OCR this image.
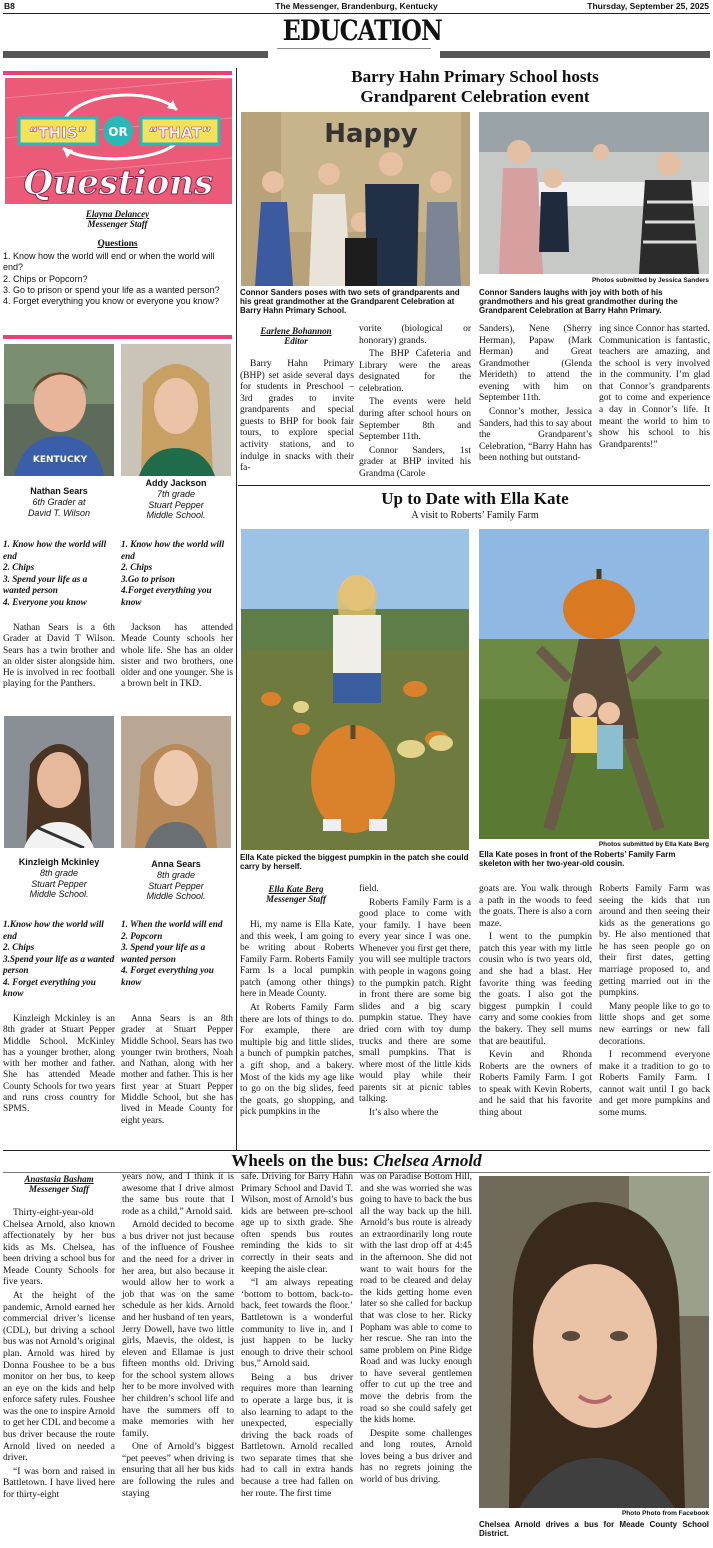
B8	The Messenger, Brandenburg, Kentucky	Thursday, September 25, 2025
EDUCATION
“THIS” OR “THAT”
Questions
Elayna Delancey
Messenger Staff
Questions
1. Know how the world will end or when the world will end?
2. Chips or Popcorn?
3. Go to prison or spend your life as a wanted person?
4. Forget everything you know or everyone you know?
KENTUCKY
Nathan Sears
6th Grader at
David T. Wilson
Addy Jackson
7th grade
Stuart Pepper
Middle School.
1. Know how the world will end
2. Chips
3. Spend your life as a wanted person
4. Everyone you know
1. Know how the world will end
2. Chips
3.Go to prison
4.Forget everything you know

Nathan Sears is a 6th Grader at David T Wilson. Sears has a twin brother and an older sister alongside him. He is involved in rec football playing for the Panthers.

Jackson has attended Meade County schools her whole life. She has an older sister and two brothers, one older and one younger. She is a brown belt in TKD.

Kinzleigh Mckinley
8th grade
Stuart Pepper
Middle School.
Anna Sears
8th grade
Stuart Pepper
Middle School.
1.Know how the world will end
2. Chips
3.Spend your life as a wanted person
4. Forget everything you know
1. When the world will end
2. Popcorn
3. Spend your life as a wanted person
4. Forget everything you know

Kinzleigh Mckinley is an 8th grader at Stuart Pepper Middle School. McKinley has a younger brother, along with her mother and father. She has attended Meade County Schools for two years and runs cross country for SPMS.

Anna Sears is an 8th grader at Stuart Pepper Middle School. Sears has two younger twin brothers, Noah and Nathan, along with her mother and father. This is her first year at Stuart Pepper Middle School, but she has lived in Meade County for eight years.

Barry Hahn Primary School hosts
Grandparent Celebration event
Happy
Photos submitted by Jessica Sanders
Connor Sanders poses with two sets of grandparents and his great grandmother at the Grandparent Celebration at Barry Hahn Primary School.
Connor Sanders laughs with joy with both of his grandmothers and his great grandmother during the Grandparent Celebration at Barry Hahn Primary.
Earlene Bohannon
Editor

Barry Hahn Primary (BHP) set aside several days for students in Preschool – 3rd grades to invite grandparents and special guests to BHP for book fair tours, to explore special activity stations, and to indulge in snacks with their fa-

vorite (biological or honorary) grands.

The BHP Cafeteria and Library were the areas designated for the celebration.

The events were held during after school hours on September 8th and September 11th.

Connor Sanders, 1st grader at BHP invited his Grandma (Carole

Sanders), Nene (Sherry Herman), Papaw (Mark Herman) and Great Grandmother (Glenda Merideth) to attend the evening with him on September 11th.

Connor’s mother, Jessica Sanders, had this to say about the Grandparent’s Celebration, “Barry Hahn has been nothing but outstand-

ing since Connor has started. Communication is fantastic, teachers are amazing, and the school is very involved in the community. I’m glad that Connor’s grandparents got to come and experience a day in Connor’s life. It meant the world to him to show his school to his Grandparents!”

Up to Date with Ella Kate
A visit to Roberts’ Family Farm
Photos submitted by Ella Kate Berg
Ella Kate picked the biggest pumpkin in the patch she could carry by herself.
Ella Kate poses in front of the Roberts’ Family Farm skeleton with her two-year-old cousin.
Ella Kate Berg
Messenger Staff

Hi, my name is Ella Kate, and this week, I am going to be writing about Roberts Family Farm. Roberts Family Farm Is a local pumpkin patch (among other things) here in Meade County.

At Roberts Family Farm there are lots of things to do. For example, there are multiple big and little slides, a bunch of pumpkin patches, a gift shop, and a bakery. Most of the kids my age like to go on the big slides, feed the goats, go shopping, and pick pumpkins in the

field.

Roberts Family Farm is a good place to come with your family. I have been every year since I was one. Whenever you first get there, you will see multiple tractors with people in wagons going to the pumpkin patch. Right in front there are some big slides and a big scary pumpkin statue. They have dried corn with toy dump trucks and there are some small pumpkins. That is where most of the little kids would play while their parents sit at picnic tables talking.

It’s also where the

goats are. You walk through a path in the woods to feed the goats. There is also a corn maze.

I went to the pumpkin patch this year with my little cousin who is two years old, and she had a blast. Her favorite thing was feeding the goats. I also got the biggest pumpkin I could carry and some cookies from the bakery. They sell mums that are beautiful.

Kevin and Rhonda Roberts are the owners of Roberts Family Farm. I got to speak with Kevin Roberts, and he said that his favorite thing about

Roberts Family Farm was seeing the kids that run around and then seeing their kids as the generations go by. He also mentioned that he has seen people go on their first dates, getting marriage proposed to, and getting married out in the pumpkins.

Many people like to go to little shops and get some new earrings or new fall decorations.

I recommend everyone make it a tradition to go to Roberts Family Farm. I cannot wait until I go back and get more pumpkins and some mums.

Wheels on the bus: Chelsea Arnold
Anastasia Basham
Messenger Staff

Thirty-eight-year-old Chelsea Arnold, also known affectionately by her bus kids as Ms. Chelsea, has been driving a school bus for Meade County Schools for five years.

At the height of the pandemic, Arnold earned her commercial driver’s license (CDL), but driving a school bus was not Arnold’s original plan. Arnold was hired by Donna Foushee to be a bus monitor on her bus, to keep an eye on the kids and help enforce safety rules. Foushee was the one to inspire Arnold to get her CDL and become a bus driver because the route Arnold lived on needed a driver.

“I was born and raised in Battletown. I have lived here for thirty-eight

years now, and I think it is awesome that I drive almost the same bus route that I rode as a child,” Arnold said.

Arnold decided to become a bus driver not just because of the influence of Foushee and the need for a driver in her area, but also because it would allow her to work a job that was on the same schedule as her kids. Arnold and her husband of ten years, Jerry Dowell, have two little girls, Maevis, the oldest, is eleven and Ellamae is just fifteen months old. Driving for the school system allows her to be more involved with her children’s school life and have the summers off to make memories with her family.

One of Arnold’s biggest “pet peeves” when driving is ensuring that all her bus kids are following the rules and staying

safe. Driving for Barry Hahn Primary School and David T. Wilson, most of Arnold’s bus kids are between pre-school age up to sixth grade. She often spends bus routes reminding the kids to sit correctly in their seats and keeping the aisle clear.

“I am always repeating ‘bottom to bottom, back-to-back, feet towards the floor.’ Battletown is a wonderful community to live in, and I just happen to be lucky enough to drive their school bus,” Arnold said.

Being a bus driver requires more than learning to operate a large bus, it is also learning to adapt to the unexpected, especially driving the back roads of Battletown. Arnold recalled two separate times that she had to call in extra hands because a tree had fallen on her route. The first time

was on Paradise Bottom Hill, and she was worried she was going to have to back the bus all the way back up the hill. Arnold’s bus route is already an extraordinarily long route with the last drop off at 4:45 in the afternoon. She did not want to wait hours for the road to be cleared and delay the kids getting home even later so she called for backup that was close to her. Ricky Popham was able to come to her rescue. She ran into the same problem on Pine Ridge Road and was lucky enough to have several gentlemen offer to cut up the tree and move the debris from the road so she could safely get the kids home.

Despite some challenges and long routes, Arnold loves being a bus driver and has no regrets joining the world of bus driving.

Photo Photo from Facebook
Chelsea Arnold drives a bus for Meade County School District.
